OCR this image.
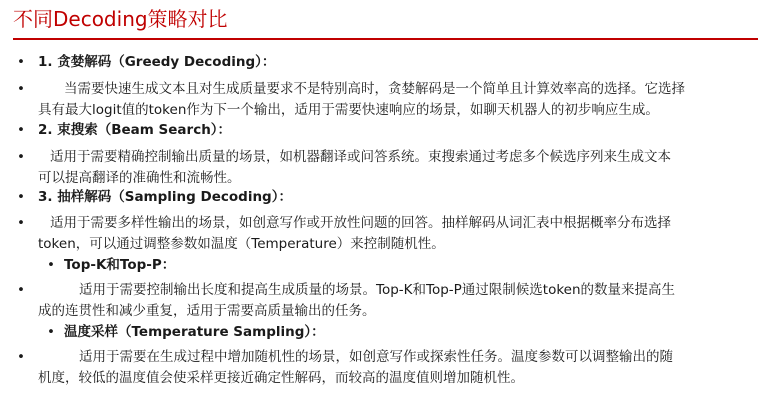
不同Decoding策略对比
• 1. 贪婪解码（Greedy Decoding）：
•	当需要快速生成文本且对生成质量要求不是特别高时，贪婪解码是一个简单且计算效率高的选择。它选择
具有最大logit值的token作为下一个输出，适用于需要快速响应的场景，如聊天机器人的初步响应生成。
• 2. 束搜索（Beam Search）：
• 适用于需要精确控制输出质量的场景，如机器翻译或问答系统。束搜索通过考虑多个候选序列来生成文本
可以提高翻译的准确性和流畅性。
• 3. 抽样解码（Sampling Decoding）：
• 适用于需要多样性输出的场景，如创意写作或开放性问题的回答。抽样解码从词汇表中根据概率分布选择
token，可以通过调整参数如温度（Temperature）来控制随机性。
• Top-K和Top-P：
•	适用于需要控制输出长度和提高生成质量的场景。Top-K和Top-P通过限制候选token的数量来提高生
成的连贯性和减少重复，适用于需要高质量输出的任务。
• 温度采样（Temperature Sampling）：
•	适用于需要在生成过程中增加随机性的场景，如创意写作或探索性任务。温度参数可以调整输出的随
机度，较低的温度值会使采样更接近确定性解码，而较高的温度值则增加随机性。
